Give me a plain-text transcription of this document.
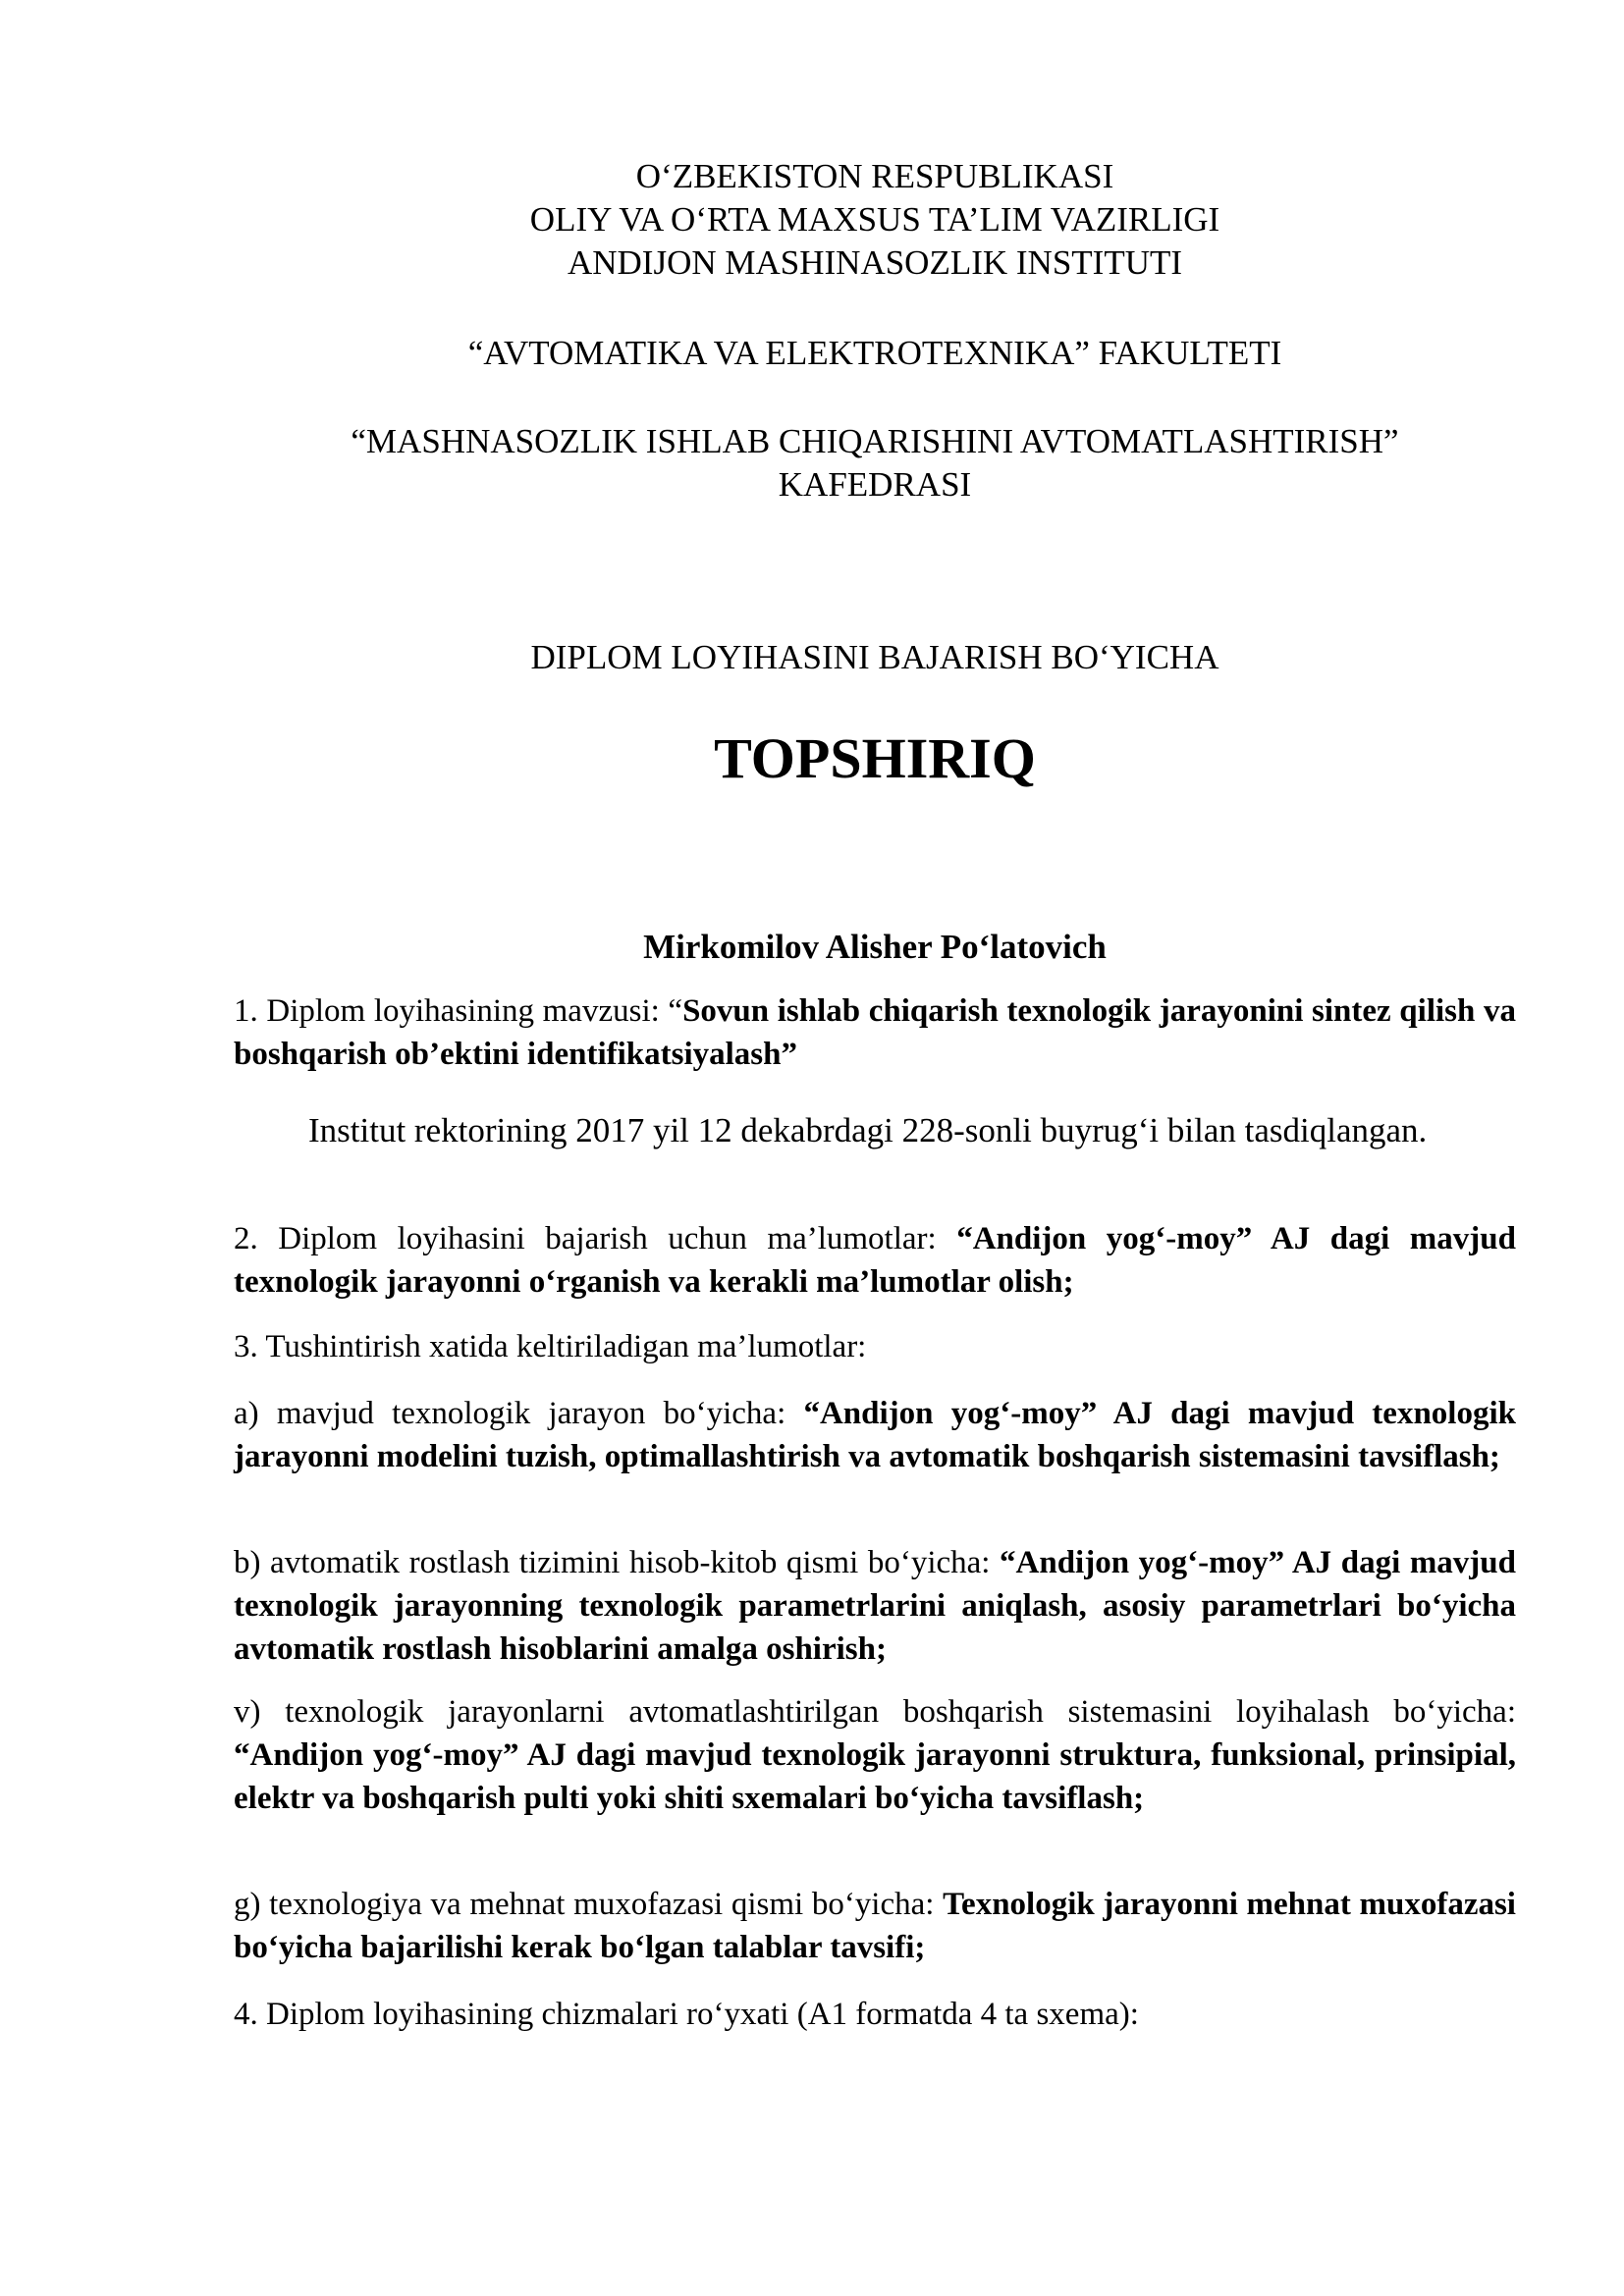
O‘ZBEKISTON RESPUBLIKASI

OLIY VA O‘RTA MAXSUS TA’LIM VAZIRLIGI

ANDIJON MASHINASOZLIK INSTITUTI

“AVTOMATIKA VA ELEKTROTEXNIKA” FAKULTETI

“MASHNASOZLIK ISHLAB CHIQARISHINI AVTOMATLASHTIRISH”

KAFEDRASI

DIPLOM LOYIHASINI BAJARISH BO‘YICHA

TOPSHIRIQ
Mirkomilov Alisher Po‘latovich

1. Diplom loyihasining mavzusi: “Sovun ishlab chiqarish texnologik jarayonini sintez qilish va boshqarish ob’ektini identifikatsiyalash”

Institut rektorining 2017 yil 12 dekabrdagi 228-sonli buyrug‘i bilan tasdiqlangan.

2. Diplom loyihasini bajarish uchun ma’lumotlar: “Andijon yog‘-moy” AJ dagi mavjud texnologik jarayonni o‘rganish va kerakli ma’lumotlar olish;

3. Tushintirish xatida keltiriladigan ma’lumotlar:

a) mavjud texnologik jarayon bo‘yicha: “Andijon yog‘-moy” AJ dagi mavjud texnologik jarayonni modelini tuzish, optimallashtirish va avtomatik boshqarish sistemasini tavsiflash;

b) avtomatik rostlash tizimini hisob-kitob qismi bo‘yicha: “Andijon yog‘-moy” AJ dagi mavjud texnologik jarayonning texnologik parametrlarini aniqlash, asosiy parametrlari bo‘yicha avtomatik rostlash hisoblarini amalga oshirish;

v) texnologik jarayonlarni avtomatlashtirilgan boshqarish sistemasini loyihalash bo‘yicha: “Andijon yog‘-moy” AJ dagi mavjud texnologik jarayonni struktura, funksional, prinsipial, elektr va boshqarish pulti yoki shiti sxemalari bo‘yicha tavsiflash;

g) texnologiya va mehnat muxofazasi qismi bo‘yicha: Texnologik jarayonni mehnat muxofazasi bo‘yicha bajarilishi kerak bo‘lgan talablar tavsifi;

4. Diplom loyihasining chizmalari ro‘yxati (A1 formatda 4 ta sxema):
